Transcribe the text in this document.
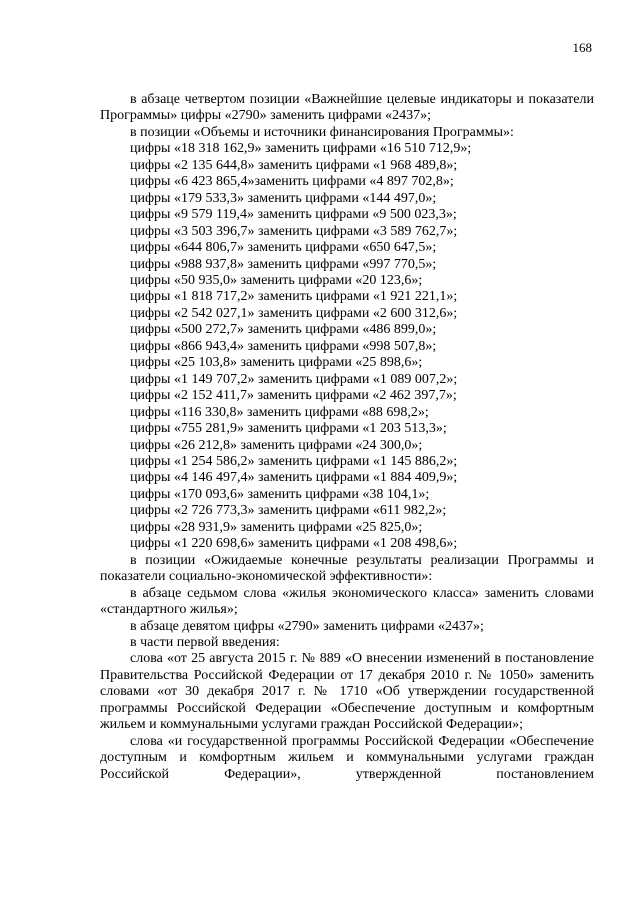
168

в абзаце четвертом позиции «Важнейшие целевые индикаторы и показатели Программы» цифры «2790» заменить цифрами «2437»;

в позиции «Объемы и источники финансирования Программы»:

цифры «18 318 162,9» заменить цифрами «16 510 712,9»;

цифры «2 135 644,8» заменить цифрами «1 968 489,8»;

цифры «6 423 865,4»заменить цифрами «4 897 702,8»;

цифры «179 533,3» заменить цифрами «144 497,0»;

цифры «9 579 119,4» заменить цифрами «9 500 023,3»;

цифры «3 503 396,7» заменить цифрами «3 589 762,7»;

цифры «644 806,7» заменить цифрами «650 647,5»;

цифры «988 937,8» заменить цифрами «997 770,5»;

цифры «50 935,0» заменить цифрами «20 123,6»;

цифры «1 818 717,2» заменить цифрами «1 921 221,1»;

цифры «2 542 027,1» заменить цифрами «2 600 312,6»;

цифры «500 272,7» заменить цифрами «486 899,0»;

цифры «866 943,4» заменить цифрами «998 507,8»;

цифры «25 103,8» заменить цифрами «25 898,6»;

цифры «1 149 707,2» заменить цифрами «1 089 007,2»;

цифры «2 152 411,7» заменить цифрами «2 462 397,7»;

цифры «116 330,8» заменить цифрами «88 698,2»;

цифры «755 281,9» заменить цифрами «1 203 513,3»;

цифры «26 212,8» заменить цифрами «24 300,0»;

цифры «1 254 586,2» заменить цифрами «1 145 886,2»;

цифры «4 146 497,4» заменить цифрами «1 884 409,9»;

цифры «170 093,6» заменить цифрами «38 104,1»;

цифры «2 726 773,3» заменить цифрами «611 982,2»;

цифры «28 931,9» заменить цифрами «25 825,0»;

цифры «1 220 698,6» заменить цифрами «1 208 498,6»;

в позиции «Ожидаемые конечные результаты реализации Программы и показатели социально-экономической эффективности»:

в абзаце седьмом слова «жилья экономического класса» заменить словами «стандартного жилья»;

в абзаце девятом цифры «2790» заменить цифрами «2437»;

в части первой введения:

слова «от 25 августа 2015 г. № 889 «О внесении изменений в постановление Правительства Российской Федерации от 17 декабря 2010 г. № 1050» заменить словами «от 30 декабря 2017 г. № 1710 «Об утверждении государственной программы Российской Федерации «Обеспечение доступным и комфортным жильем и коммунальными услугами граждан Российской Федерации»;

слова «и государственной программы Российской Федерации «Обеспечение доступным и комфортным жильем и коммунальными услугами граждан Российской Федерации», утвержденной постановлением
